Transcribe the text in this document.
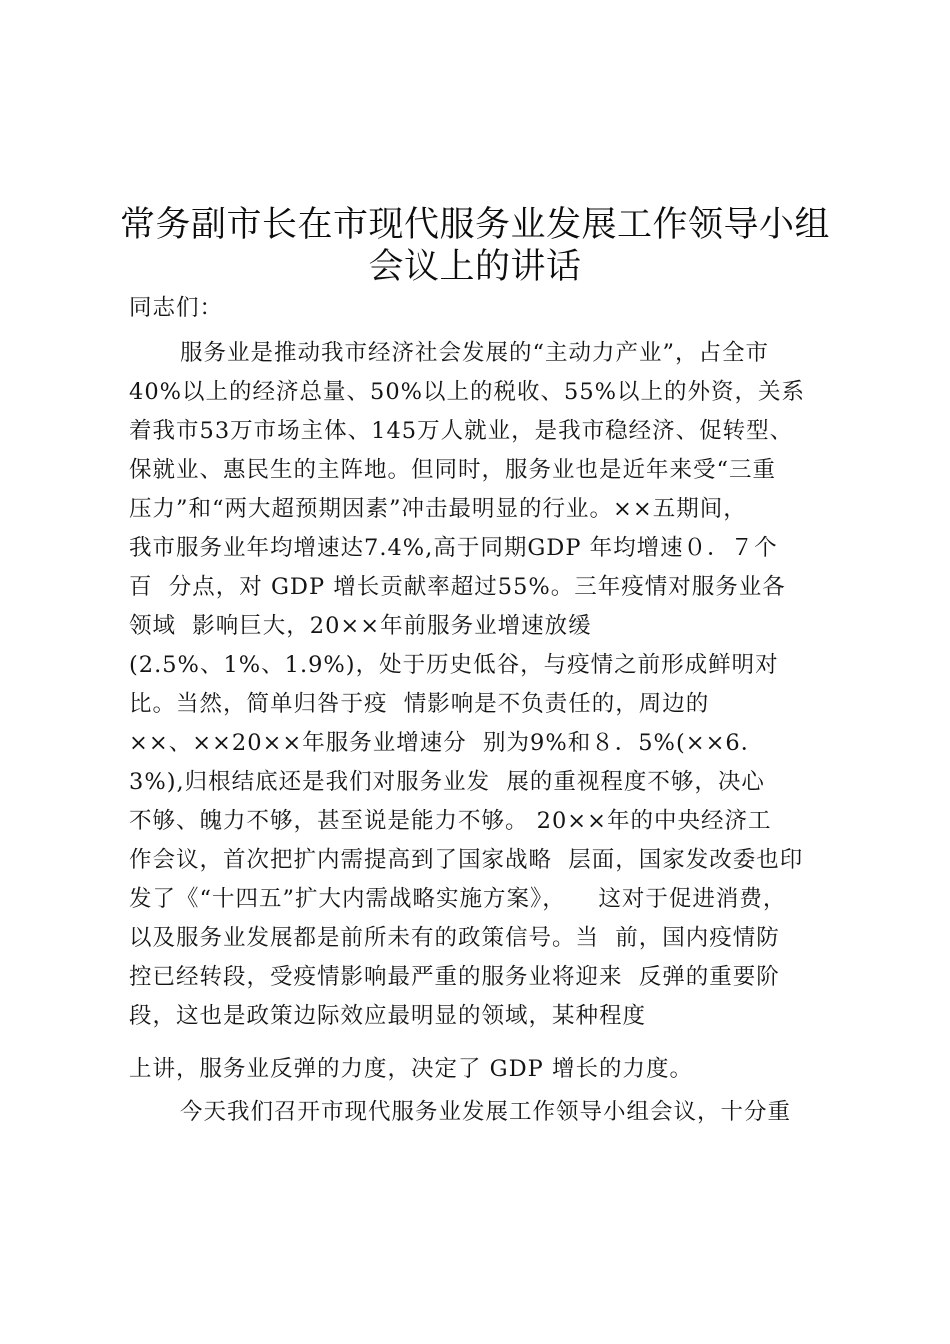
常务副市长在市现代服务业发展工作领导小组
会议上的讲话
同志们：
服务业是推动我市经济社会发展的“主动力产业”，占全市
40%以上的经济总量、50%以上的税收、55%以上的外资，关系
着我市53万市场主体、145万人就业，是我市稳经济、促转型、
保就业、惠民生的主阵地。但同时，服务业也是近年来受“三重
压力”和“两大超预期因素”冲击最明显的行业。××五期间，
我市服务业年均增速达7.4%,高于同期GDP 年均增速０．７个
百  分点，对 GDP 增长贡献率超过55%。三年疫情对服务业各
领域  影响巨大，20××年前服务业增速放缓
(2.5%、1%、1.9%)，处于历史低谷，与疫情之前形成鲜明对
比。当然，简单归咎于疫  情影响是不负责任的，周边的
××、××20××年服务业增速分  别为9%和８．5%(××6．
3%),归根结底还是我们对服务业发  展的重视程度不够，决心
不够、魄力不够，甚至说是能力不够。 20××年的中央经济工
作会议，首次把扩内需提高到了国家战略  层面，国家发改委也印
发了《“十四五”扩大内需战略实施方案》，    这对于促进消费，
以及服务业发展都是前所未有的政策信号。当  前，国内疫情防
控已经转段，受疫情影响最严重的服务业将迎来  反弹的重要阶
段，这也是政策边际效应最明显的领域，某种程度
上讲，服务业反弹的力度，决定了 GDP 增长的力度。
今天我们召开市现代服务业发展工作领导小组会议，十分重
